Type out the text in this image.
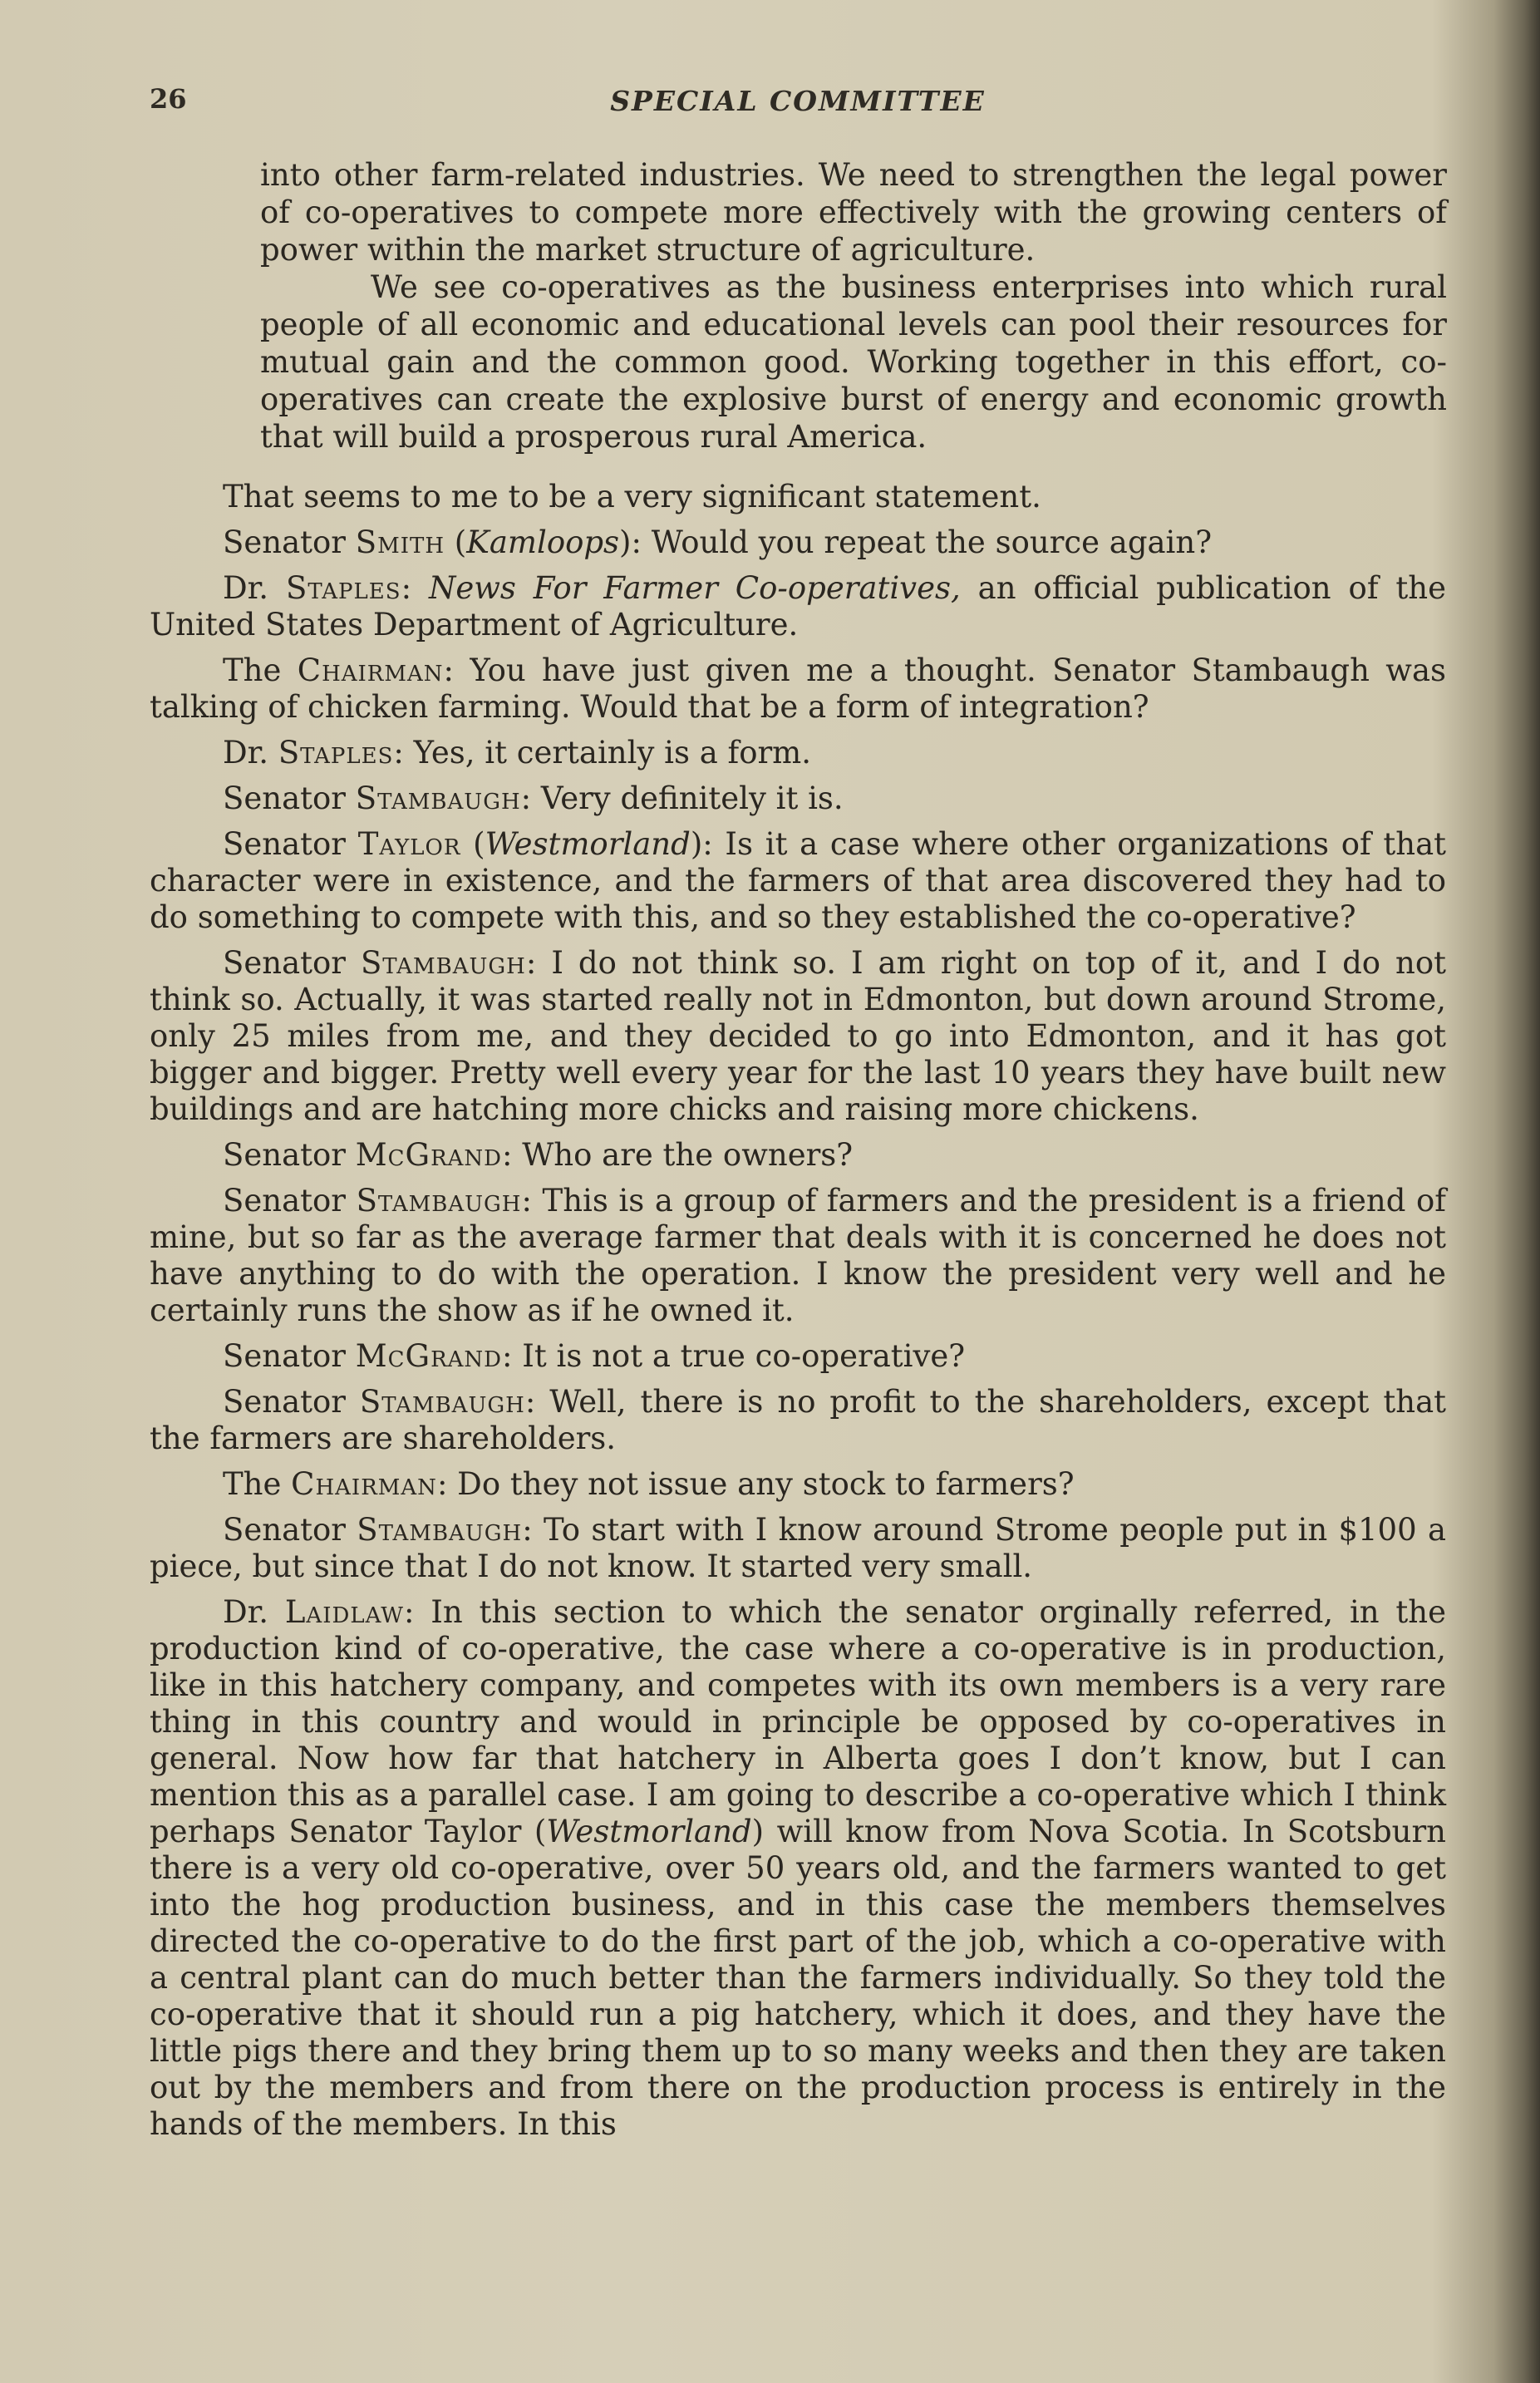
26	SPECIAL COMMITTEE

into other farm-related industries. We need to strengthen the legal power of co-operatives to compete more effectively with the growing centers of power within the market structure of agriculture.

We see co-operatives as the business enterprises into which rural people of all economic and educational levels can pool their resources for mutual gain and the common good. Working together in this effort, co-operatives can create the explosive burst of energy and economic growth that will build a prosperous rural America.

That seems to me to be a very significant statement.

Senator Smith (Kamloops): Would you repeat the source again?

Dr. Staples: News For Farmer Co-operatives, an official publication of the United States Department of Agriculture.

The Chairman: You have just given me a thought. Senator Stambaugh was talking of chicken farming. Would that be a form of integration?

Dr. Staples: Yes, it certainly is a form.

Senator Stambaugh: Very definitely it is.

Senator Taylor (Westmorland): Is it a case where other organizations of that character were in existence, and the farmers of that area discovered they had to do something to compete with this, and so they established the co-operative?

Senator Stambaugh: I do not think so. I am right on top of it, and I do not think so. Actually, it was started really not in Edmonton, but down around Strome, only 25 miles from me, and they decided to go into Edmonton, and it has got bigger and bigger. Pretty well every year for the last 10 years they have built new buildings and are hatching more chicks and raising more chickens.

Senator McGrand: Who are the owners?

Senator Stambaugh: This is a group of farmers and the president is a friend of mine, but so far as the average farmer that deals with it is concerned he does not have anything to do with the operation. I know the president very well and he certainly runs the show as if he owned it.

Senator McGrand: It is not a true co-operative?

Senator Stambaugh: Well, there is no profit to the shareholders, except that the farmers are shareholders.

The Chairman: Do they not issue any stock to farmers?

Senator Stambaugh: To start with I know around Strome people put in $100 a piece, but since that I do not know. It started very small.

Dr. Laidlaw: In this section to which the senator orginally referred, in the production kind of co-operative, the case where a co-operative is in production, like in this hatchery company, and competes with its own members is a very rare thing in this country and would in principle be opposed by co-operatives in general. Now how far that hatchery in Alberta goes I don’t know, but I can mention this as a parallel case. I am going to describe a co-operative which I think perhaps Senator Taylor (Westmorland) will know from Nova Scotia. In Scotsburn there is a very old co-operative, over 50 years old, and the farmers wanted to get into the hog production business, and in this case the members themselves directed the co-operative to do the first part of the job, which a co-operative with a central plant can do much better than the farmers individually. So they told the co-operative that it should run a pig hatchery, which it does, and they have the little pigs there and they bring them up to so many weeks and then they are taken out by the members and from there on the production process is entirely in the hands of the members. In this
